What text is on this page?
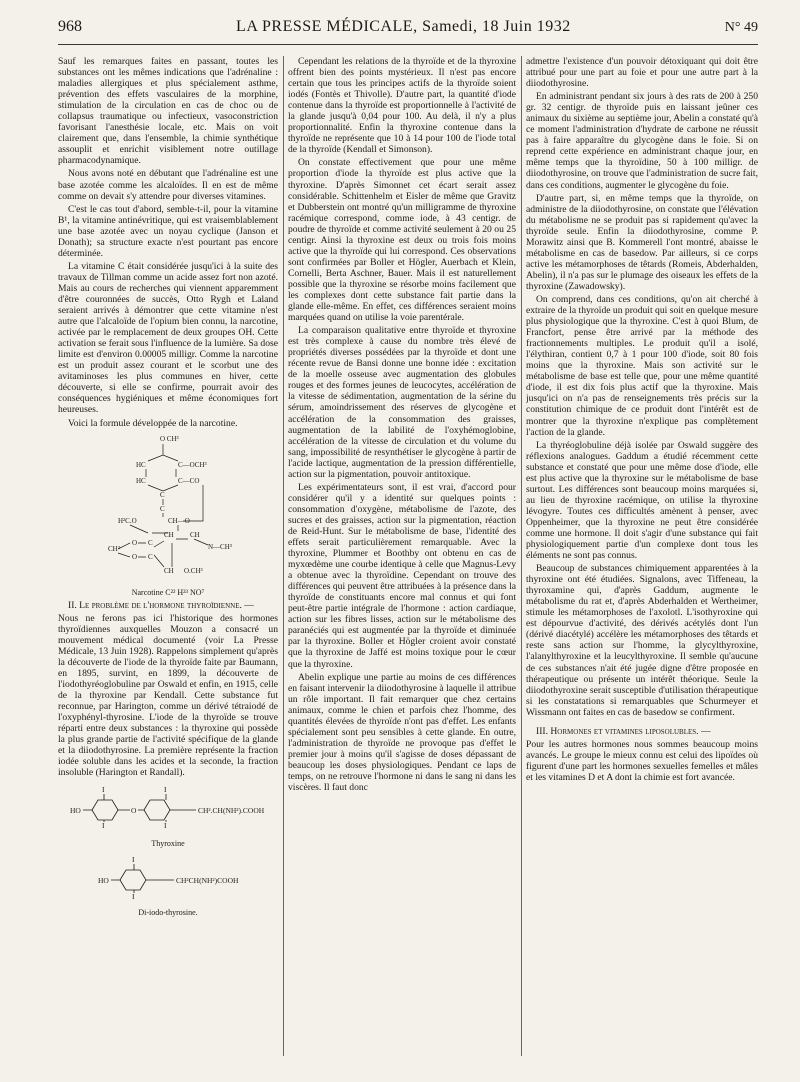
968	LA PRESSE MÉDICALE, Samedi, 18 Juin 1932	N° 49

Sauf les remarques faites en passant, toutes les substances ont les mêmes indications que l'adrénaline : maladies allergiques et plus spécialement asthme, prévention des effets vasculaires de la morphine, stimulation de la circulation en cas de choc ou de collapsus traumatique ou infectieux, vasoconstriction favorisant l'anesthésie locale, etc. Mais on voit clairement que, dans l'ensemble, la chimie synthétique assouplit et enrichit visiblement notre outillage pharmacodynamique.

Nous avons noté en débutant que l'adrénaline est une base azotée comme les alcaloïdes. Il en est de même comme on devait s'y attendre pour diverses vitamines.

C'est le cas tout d'abord, semble-t-il, pour la vitamine B¹, la vitamine antinévritique, qui est vraisemblablement une base azotée avec un noyau cyclique (Janson et Donath); sa structure exacte n'est pourtant pas encore déterminée.

La vitamine C était considérée jusqu'ici à la suite des travaux de Tillman comme un acide assez fort non azoté. Mais au cours de recherches qui viennent apparemment d'être couronnées de succès, Otto Rygh et Laland seraient arrivés à démontrer que cette vitamine n'est autre que l'alcaloïde de l'opium bien connu, la narcotine, activée par le remplacement de deux groupes OH. Cette activation se ferait sous l'influence de la lumière. Sa dose limite est d'environ 0.00005 milligr. Comme la narcotine est un produit assez courant et le scorbut une des avitaminoses les plus communes en hiver, cette découverte, si elle se confirme, pourrait avoir des conséquences hygiéniques et même économiques fort heureuses.

Voici la formule développée de la narcotine.

O CH³
HC
HC
C—OCH³
C—CO
C
C
H²C.O	CH—O
CH CH
N—CH³
CH²
O
O
C
C
CH O.CH³

Narcotine C²² H²³ NO⁷

II. Le problème de l'hormone thyroïdienne. —

Nous ne ferons pas ici l'historique des hormones thyroïdiennes auxquelles Mouzon a consacré un mouvement médical documenté (voir La Presse Médicale, 13 Juin 1928). Rappelons simplement qu'après la découverte de l'iode de la thyroïde faite par Baumann, en 1895, survint, en 1899, la découverte de l'iodothyréoglobuline par Oswald et enfin, en 1915, celle de la thyroxine par Kendall. Cette substance fut reconnue, par Harington, comme un dérivé tétraiodé de l'oxyphényl-thyrosine. L'iode de la thyroïde se trouve réparti entre deux substances : la thyroxine qui possède la plus grande partie de l'activité spécifique de la glande et la diiodothyrosine. La première représente la fraction iodée soluble dans les acides et la seconde, la fraction insoluble (Harington et Randall).

I	I
I	I
HO	O	CH².CH(NH²).COOH

Thyroxine

I
I
HO	CH²CH(NH²)COOH

Di-iodo-thyrosine.

Cependant les relations de la thyroïde et de la thyroxine offrent bien des points mystérieux. Il n'est pas encore certain que tous les principes actifs de la thyroïde soient iodés (Fontès et Thivolle). D'autre part, la quantité d'iode contenue dans la thyroïde est proportionnelle à l'activité de la glande jusqu'à 0,04 pour 100. Au delà, il n'y a plus proportionnalité. Enfin la thyroxine contenue dans la thyroïde ne représente que 10 à 14 pour 100 de l'iode total de la thyroïde (Kendall et Simonson).

On constate effectivement que pour une même proportion d'iode la thyroïde est plus active que la thyroxine. D'après Simonnet cet écart serait assez considérable. Schittenhelm et Eisler de même que Gravitz et Dubberstein ont montré qu'un milligramme de thyroxine racémique correspond, comme iode, à 43 centigr. de poudre de thyroïde et comme activité seulement à 20 ou 25 centigr. Ainsi la thyroxine est deux ou trois fois moins active que la thyroïde qui lui correspond. Ces observations sont confirmées par Boller et Högler, Auerbach et Klein, Cornelli, Berta Aschner, Bauer. Mais il est naturellement possible que la thyroxine se résorbe moins facilement que les complexes dont cette substance fait partie dans la glande elle-même. En effet, ces différences seraient moins marquées quand on utilise la voie parentérale.

La comparaison qualitative entre thyroïde et thyroxine est très complexe à cause du nombre très élevé de propriétés diverses possédées par la thyroïde et dont une récente revue de Bansi donne une bonne idée : excitation de la moelle osseuse avec augmentation des globules rouges et des formes jeunes de leucocytes, accélération de la vitesse de sédimentation, augmentation de la sérine du sérum, amoindrissement des réserves de glycogène et accélération de la consommation des graisses, augmentation de la labilité de l'oxyhémoglobine, accélération de la vitesse de circulation et du volume du sang, impossibilité de resynthétiser le glycogène à partir de l'acide lactique, augmentation de la pression différentielle, action sur la pigmentation, pouvoir antitoxique.

Les expérimentateurs sont, il est vrai, d'accord pour considérer qu'il y a identité sur quelques points : consommation d'oxygène, métabolisme de l'azote, des sucres et des graisses, action sur la pigmentation, réaction de Reid-Hunt. Sur le métabolisme de base, l'identité des effets serait particulièrement remarquable. Avec la thyroxine, Plummer et Boothby ont obtenu en cas de myxœdème une courbe identique à celle que Magnus-Levy a obtenue avec la thyroïdine. Cependant on trouve des différences qui peuvent être attribuées à la présence dans la thyroïde de constituants encore mal connus et qui font peut-être partie intégrale de l'hormone : action cardiaque, action sur les fibres lisses, action sur le métabolisme des paranéciés qui est augmentée par la thyroïde et diminuée par la thyroxine. Boller et Högler croient avoir constaté que la thyroxine de Jaffé est moins toxique pour le cœur que la thyroxine.

Abelin explique une partie au moins de ces différences en faisant intervenir la diiodothyrosine à laquelle il attribue un rôle important. Il fait remarquer que chez certains animaux, comme le chien et parfois chez l'homme, des quantités élevées de thyroïde n'ont pas d'effet. Les enfants spécialement sont peu sensibles à cette glande. En outre, l'administration de thyroïde ne provoque pas d'effet le premier jour à moins qu'il s'agisse de doses dépassant de beaucoup les doses physiologiques. Pendant ce laps de temps, on ne retrouve l'hormone ni dans le sang ni dans les viscères. Il faut donc

admettre l'existence d'un pouvoir détoxiquant qui doit être attribué pour une part au foie et pour une autre part à la diiodothyrosine.

En administrant pendant six jours à des rats de 200 à 250 gr. 32 centigr. de thyroïde puis en laissant jeûner ces animaux du sixième au septième jour, Abelin a constaté qu'à ce moment l'administration d'hydrate de carbone ne réussit pas à faire apparaître du glycogène dans le foie. Si on reprend cette expérience en administrant chaque jour, en même temps que la thyroïdine, 50 à 100 milligr. de diiodothyrosine, on trouve que l'administration de sucre fait, dans ces conditions, augmenter le glycogène du foie.

D'autre part, si, en même temps que la thyroïde, on administre de la diiodothyrosine, on constate que l'élévation du métabolisme ne se produit pas si rapidement qu'avec la thyroïde seule. Enfin la diiodothyrosine, comme P. Morawitz ainsi que B. Kommerell l'ont montré, abaisse le métabolisme en cas de basedow. Par ailleurs, si ce corps active les métamorphoses de têtards (Romeis, Abderhalden, Abelin), il n'a pas sur le plumage des oiseaux les effets de la thyroxine (Zawadowsky).

On comprend, dans ces conditions, qu'on ait cherché à extraire de la thyroïde un produit qui soit en quelque mesure plus physiologique que la thyroxine. C'est à quoi Blum, de Francfort, pense être arrivé par la méthode des fractionnements multiples. Le produit qu'il a isolé, l'élythiran, contient 0,7 à 1 pour 100 d'iode, soit 80 fois moins que la thyroxine. Mais son activité sur le métabolisme de base est telle que, pour une même quantité d'iode, il est dix fois plus actif que la thyroxine. Mais jusqu'ici on n'a pas de renseignements très précis sur la constitution chimique de ce produit dont l'intérêt est de montrer que la thyroxine n'explique pas complètement l'action de la glande.

La thyréoglobuline déjà isolée par Oswald suggère des réflexions analogues. Gaddum a étudié récemment cette substance et constaté que pour une même dose d'iode, elle est plus active que la thyroxine sur le métabolisme de base surtout. Les différences sont beaucoup moins marquées si, au lieu de thyroxine racémique, on utilise la thyroxine lévogyre. Toutes ces difficultés amènent à penser, avec Oppenheimer, que la thyroxine ne peut être considérée comme une hormone. Il doit s'agir d'une substance qui fait physiologiquement partie d'un complexe dont tous les éléments ne sont pas connus.

Beaucoup de substances chimiquement apparentées à la thyroxine ont été étudiées. Signalons, avec Tiffeneau, la thyroxamine qui, d'après Gaddum, augmente le métabolisme du rat et, d'après Abderhalden et Wertheimer, stimule les métamorphoses de l'axolotl. L'isothyroxine qui est dépourvue d'activité, des dérivés acétylés dont l'un (dérivé diacétylé) accélère les métamorphoses des têtards et reste sans action sur l'homme, la glycylthyroxine, l'alanylthyroxine et la leucylthyroxine. Il semble qu'aucune de ces substances n'ait été jugée digne d'être proposée en thérapeutique ou présente un intérêt théorique. Seule la diiodothyroxine serait susceptible d'utilisation thérapeutique si les constatations si remarquables que Schurmeyer et Wissmann ont faites en cas de basedow se confirment.

III. Hormones et vitamines liposolubles. —

Pour les autres hormones nous sommes beaucoup moins avancés. Le groupe le mieux connu est celui des lipoïdes où figurent d'une part les hormones sexuelles femelles et mâles et les vitamines D et A dont la chimie est fort avancée.
